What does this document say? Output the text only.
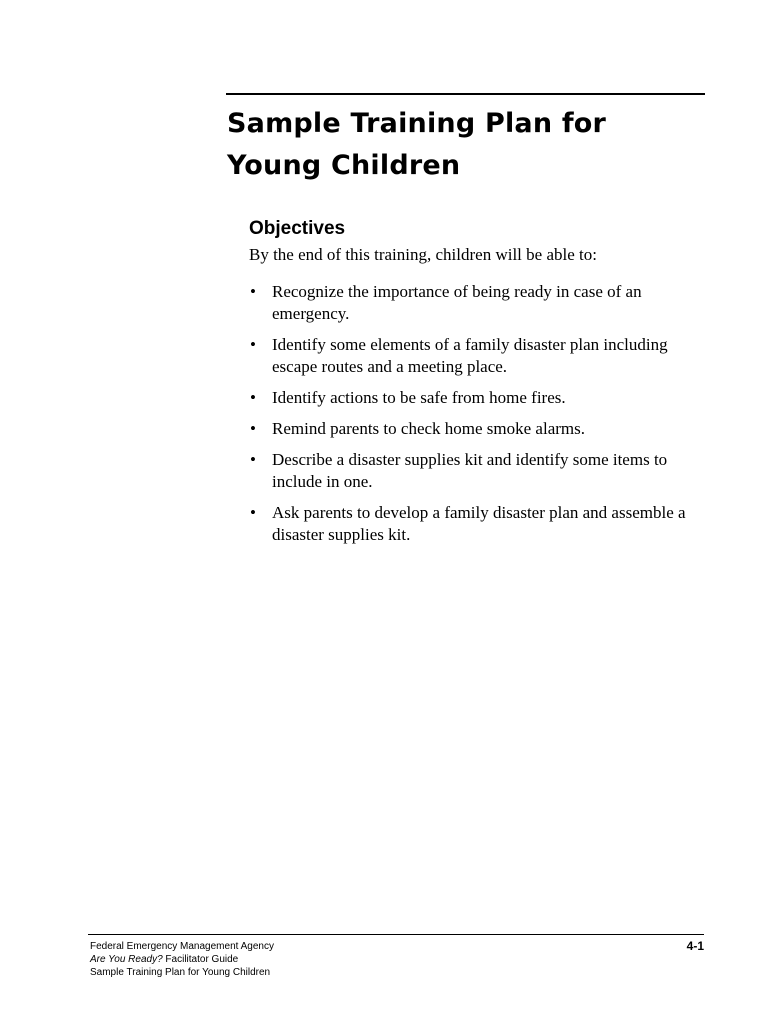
Sample Training Plan for
Young Children
Objectives

By the end of this training, children will be able to:

• Recognize the importance of being ready in case of an emergency.
• Identify some elements of a family disaster plan including escape routes and a meeting place.
• Identify actions to be safe from home fires.
• Remind parents to check home smoke alarms.
• Describe a disaster supplies kit and identify some items to include in one.
• Ask parents to develop a family disaster plan and assemble a disaster supplies kit.
Federal Emergency Management Agency
Are You Ready? Facilitator Guide
Sample Training Plan for Young Children
4-1
